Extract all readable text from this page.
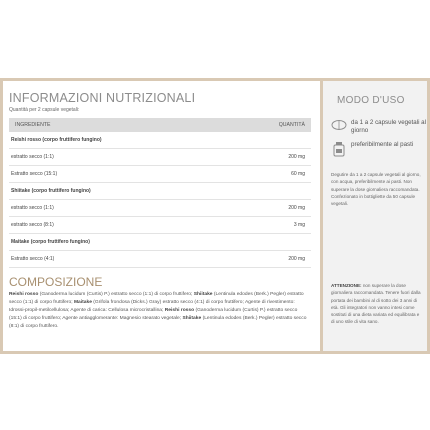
INFORMAZIONI NUTRIZIONALI
Quantità per 2 capsule vegetali:
INGREDIENTE	QUANTITÀ
Reishi rosso (corpo fruttifero fungino)
estratto secco (1:1)	200 mg
Estratto secco (15:1)	60 mg
Shiitake (corpo fruttifero fungino)
estratto secco (1:1)	200 mg
estratto secco (8:1)	3 mg
Maitake (corpo fruttifero fungino)
Estratto secco (4:1)	200 mg
COMPOSIZIONE
Reishi rosso (Ganoderma lucidum (Curtis) P.) estratto secco (1:1) di corpo fruttifero; Shiitake (Lentinula edodes (Berk.) Pegler) estratto secco (1:1) di corpo fruttifero; Maitake (Grifola frondosa (Dicks.) Gray) estratto secco (4:1) di corpo fruttifero; Agente di rivestimento: Idrossi-propil-metilcellulosa; Agente di carica: Cellulosa microcristallina; Reishi rosso (Ganoderma lucidum (Curtis) P.) estratto secco (15:1) di corpo fruttifero; Agente antiagglomerante: Magnesio stearato vegetale; Shiitake (Lentinula edodes (Berk.) Pegler) estratto secco (8:1) di corpo fruttifero.
MODO D'USO
da 1 a 2 capsule vegetali al giorno
preferibilmente al pasti
Degutire da 1 a 2 capsule vegetali al giorno, con acqua, preferibilmente ai pasti. Non superare la dose giornaliera raccomandata. Confezionato in bottigliette da 50 capsule vegetali.
ATTENZIONE: non superare la dose giornaliera raccomandata. Tenere fuori dalla portata dei bambini al di sotto dei 3 anni di età. Gli integratori non vanno intesi come sostituti di una dieta variata ed equilibrata e di uno stile di vita sano.
